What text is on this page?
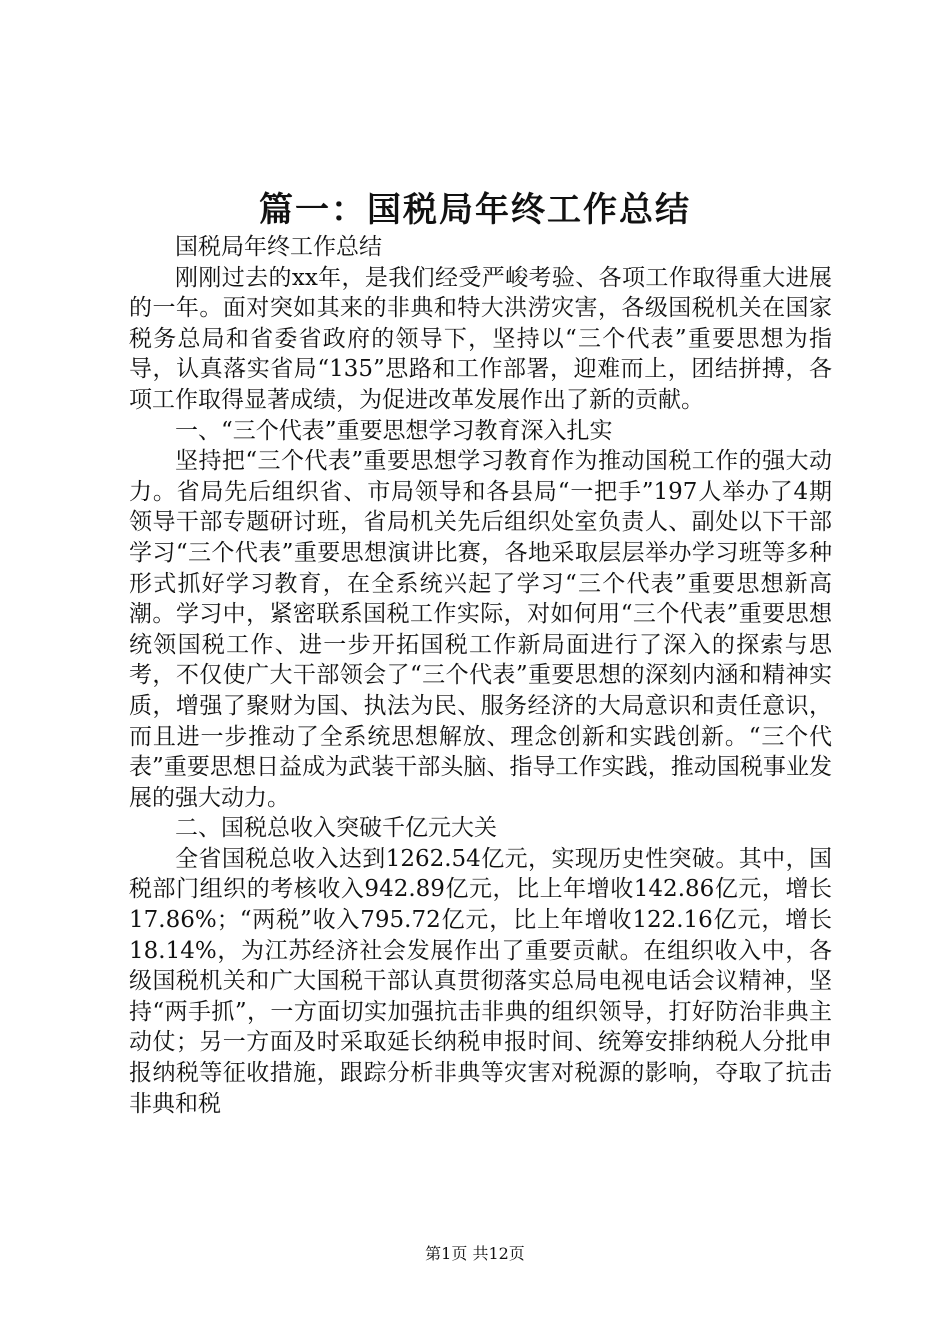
篇一：国税局年终工作总结

国税局年终工作总结

刚刚过去的xx年，是我们经受严峻考验、各项工作取得重大进展的一年。面对突如其来的非典和特大洪涝灾害，各级国税机关在国家税务总局和省委省政府的领导下，坚持以“三个代表”重要思想为指导，认真落实省局“135”思路和工作部署，迎难而上，团结拼搏，各项工作取得显著成绩，为促进改革发展作出了新的贡献。

一、“三个代表”重要思想学习教育深入扎实

坚持把“三个代表”重要思想学习教育作为推动国税工作的强大动力。省局先后组织省、市局领导和各县局“一把手”197人举办了4期领导干部专题研讨班，省局机关先后组织处室负责人、副处以下干部学习“三个代表”重要思想演讲比赛，各地采取层层举办学习班等多种形式抓好学习教育，在全系统兴起了学习“三个代表”重要思想新高潮。学习中，紧密联系国税工作实际，对如何用“三个代表”重要思想统领国税工作、进一步开拓国税工作新局面进行了深入的探索与思考，不仅使广大干部领会了“三个代表”重要思想的深刻内涵和精神实质，增强了聚财为国、执法为民、服务经济的大局意识和责任意识，而且进一步推动了全系统思想解放、理念创新和实践创新。“三个代表”重要思想日益成为武装干部头脑、指导工作实践，推动国税事业发展的强大动力。

二、国税总收入突破千亿元大关

全省国税总收入达到1262.54亿元，实现历史性突破。其中，国税部门组织的考核收入942.89亿元，比上年增收142.86亿元，增长17.86%；“两税”收入795.72亿元，比上年增收122.16亿元，增长18.14%，为江苏经济社会发展作出了重要贡献。在组织收入中，各级国税机关和广大国税干部认真贯彻落实总局电视电话会议精神，坚持“两手抓”，一方面切实加强抗击非典的组织领导，打好防治非典主动仗；另一方面及时采取延长纳税申报时间、统筹安排纳税人分批申报纳税等征收措施，跟踪分析非典等灾害对税源的影响，夺取了抗击非典和税

第1页 共12页
